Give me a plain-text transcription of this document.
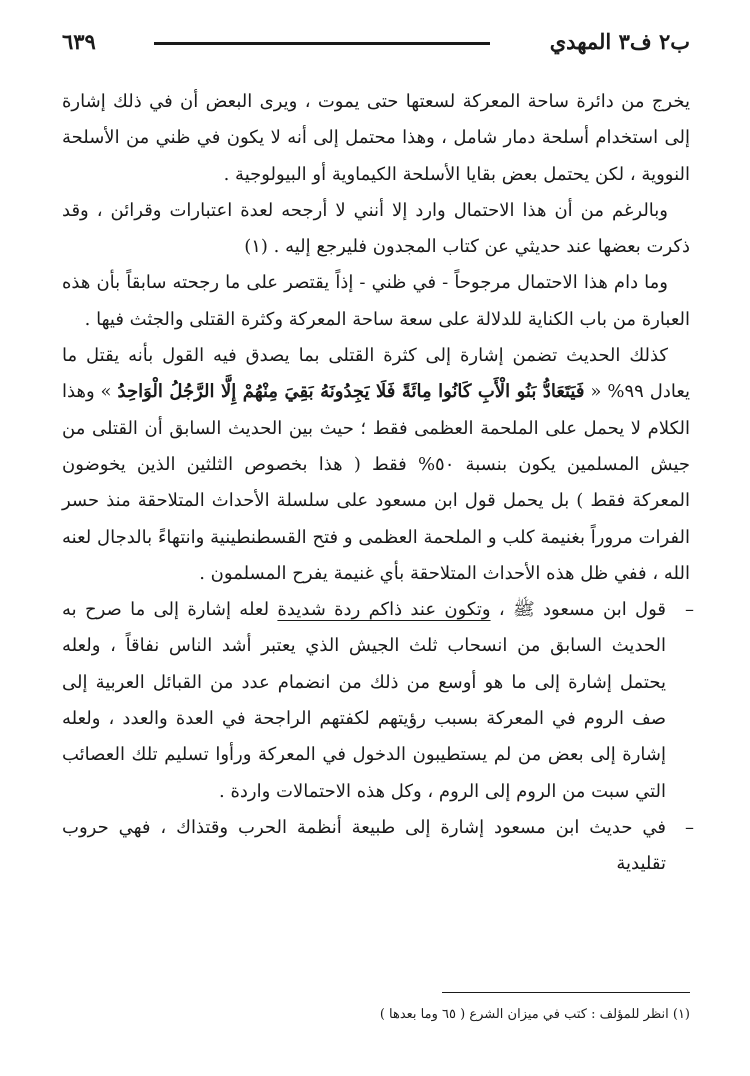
ب٢ ف٣ المهدي
٦٣٩

يخرج من دائرة ساحة المعركة لسعتها حتى يموت ، ويرى البعض أن في ذلك إشارة إلى استخدام أسلحة دمار شامل ، وهذا محتمل إلى أنه لا يكون في ظني من الأسلحة النووية ، لكن يحتمل بعض بقايا الأسلحة الكيماوية أو البيولوجية .

وبالرغم من أن هذا الاحتمال وارد إلا أنني لا أرجحه لعدة اعتبارات وقرائن ، وقد ذكرت بعضها عند حديثي عن كتاب المجدون فليرجع إليه . (١)

وما دام هذا الاحتمال مرجوحاً - في ظني - إذاً يقتصر على ما رجحته سابقاً بأن هذه العبارة من باب الكناية للدلالة على سعة ساحة المعركة وكثرة القتلى والجثث فيها .

كذلك الحديث تضمن إشارة إلى كثرة القتلى بما يصدق فيه القول بأنه يقتل ما يعادل ٩٩% « فَيَتَعَادُّ بَنُو الْأَبِ كَانُوا مِائَةً فَلَا يَجِدُونَهُ بَقِيَ مِنْهُمْ إِلَّا الرَّجُلُ الْوَاحِدُ » وهذا الكلام لا يحمل على الملحمة العظمى فقط ؛ حيث بين الحديث السابق أن القتلى من جيش المسلمين يكون بنسبة ٥٠% فقط ( هذا بخصوص الثلثين الذين يخوضون المعركة فقط ) بل يحمل قول ابن مسعود على سلسلة الأحداث المتلاحقة منذ حسر الفرات مروراً بغنيمة كلب و الملحمة العظمى و فتح القسطنطينية وانتهاءً بالدجال لعنه الله ، ففي ظل هذه الأحداث المتلاحقة بأي غنيمة يفرح المسلمون .

–
قول ابن مسعود ﷺ ، وتكون عند ذاكم ردة شديدة لعله إشارة إلى ما صرح به الحديث السابق من انسحاب ثلث الجيش الذي يعتبر أشد الناس نفاقاً ، ولعله يحتمل إشارة إلى ما هو أوسع من ذلك من انضمام عدد من القبائل العربية إلى صف الروم في المعركة بسبب رؤيتهم لكفتهم الراجحة في العدة والعدد ، ولعله إشارة إلى بعض من لم يستطيبون الدخول في المعركة ورأوا تسليم تلك العصائب التي سبت من الروم إلى الروم ، وكل هذه الاحتمالات واردة .

–
في حديث ابن مسعود إشارة إلى طبيعة أنظمة الحرب وقتذاك ، فهي حروب تقليدية

(١) انظر للمؤلف : كتب في ميزان الشرع ( ٦٥ وما بعدها )
